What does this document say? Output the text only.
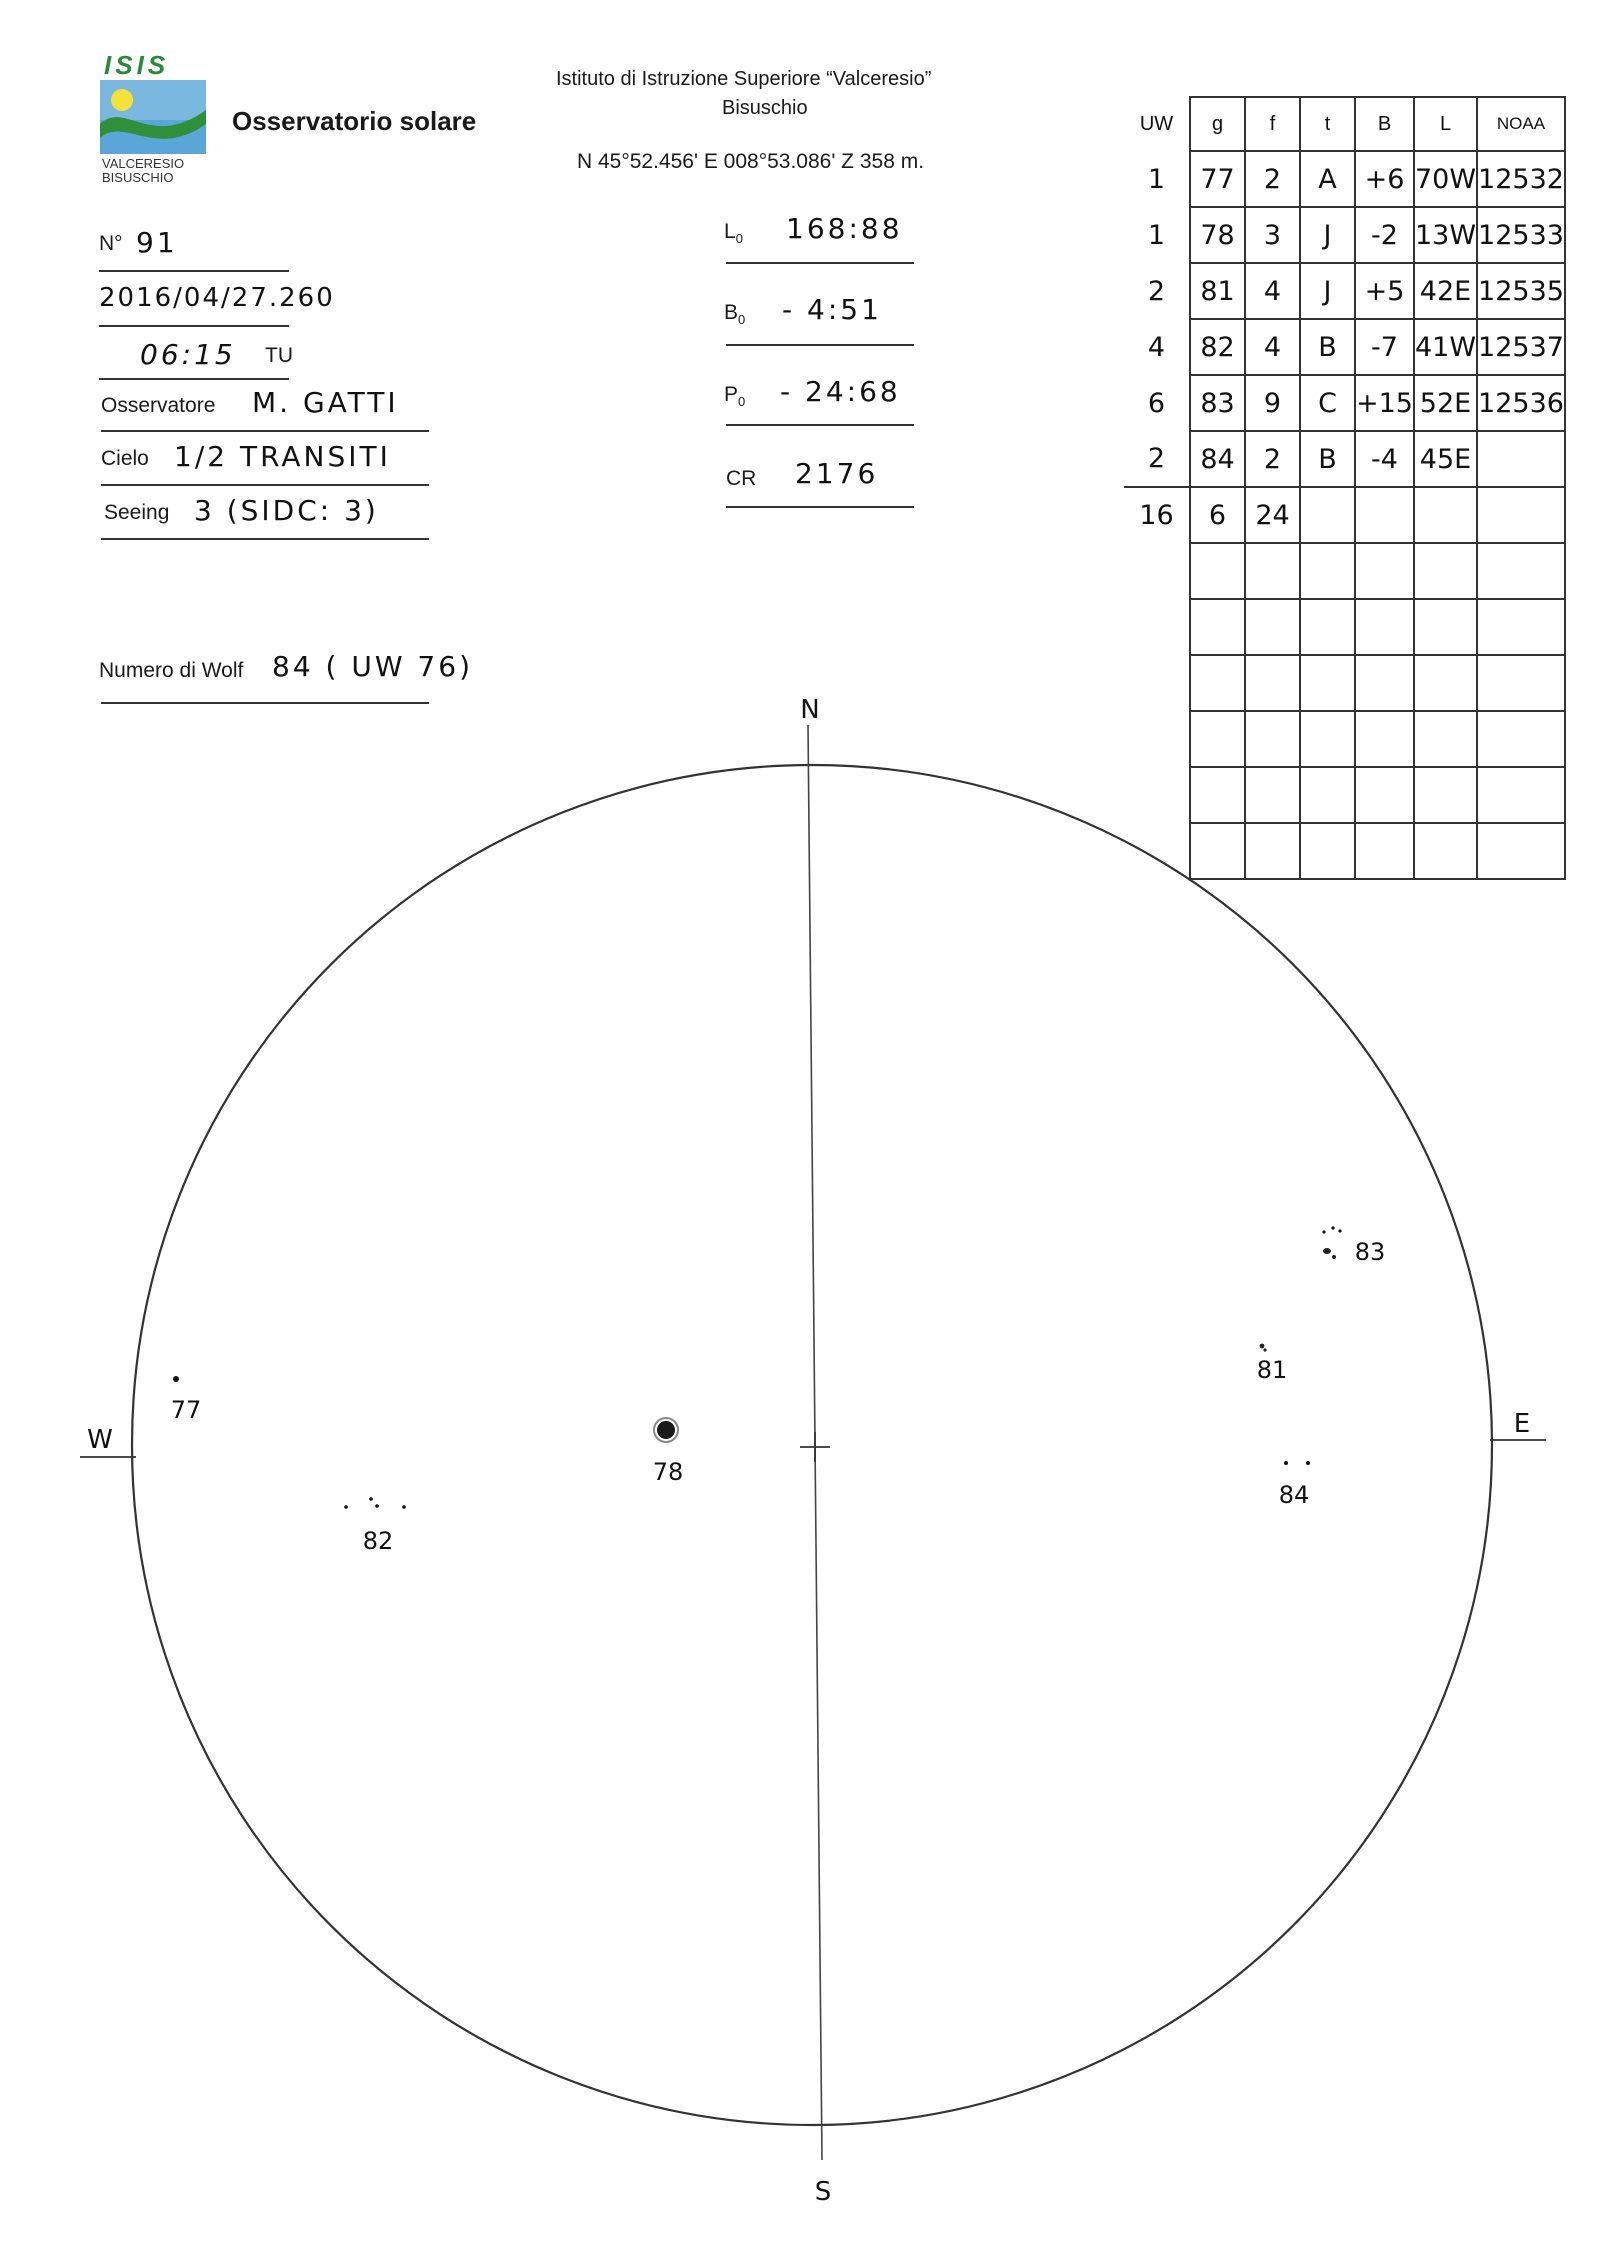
ISIS
VALCERESIO
BISUSCHIO
Osservatorio solare
Istituto di Istruzione Superiore “Valceresio”
Bisuschio
N 45°52.456' E 008°53.086' Z 358 m.
N° 91
2016/04/27.260
06:15 TU
Osservatore M. GATTI
Cielo 1/2 TRANSITI
Seeing 3 (SIDC: 3)
Numero di Wolf 84 ( UW 76)
$L_0$ 168:88
$B_0$ - 4:51
$P_0$ - 24:68
CR 2176
UW	g	f	t	B	L	NOAA
1	77	2	A	+6	70W	12532
1	78	3	J	-2	13W	12533
2	81	4	J	+5	42E	12535
4	82	4	B	-7	41W	12537
6	83	9	C	+15	52E	12536
2	84	2	B	-4	45E	
16	6	24				

N
S
W
E
77
78
82
83
81
84
